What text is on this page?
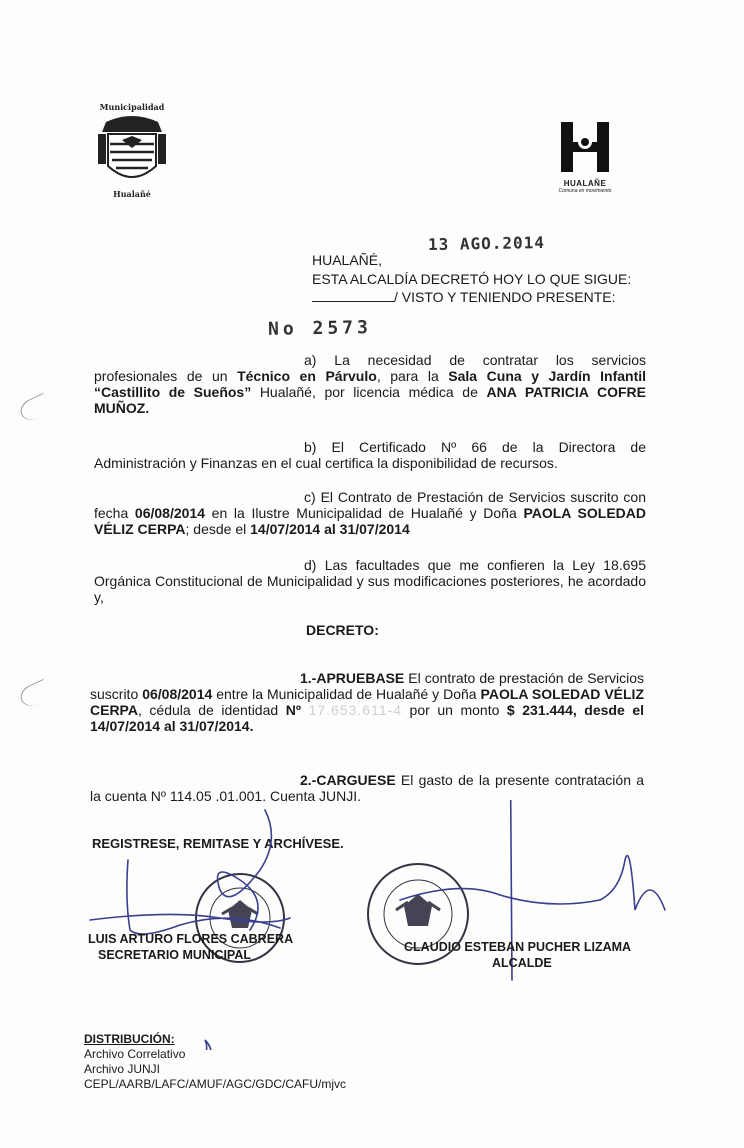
Municipalidad
Hualañé
HUALAÑE
Comuna en movimiento
13 AGO.2014
HUALAÑÉ,
ESTA ALCALDÍA DECRETÓ HOY LO QUE SIGUE:
/ VISTO Y TENIENDO PRESENTE:
No 2573
a) La necesidad de contratar los servicios profesionales de un Técnico en Párvulo, para la Sala Cuna y Jardín Infantil “Castillito de Sueños” Hualañé, por licencia médica de ANA PATRICIA COFRE MUÑOZ.
b) El Certificado Nº 66 de la Directora de Administración y Finanzas en el cual certifica la disponibilidad de recursos.
c) El Contrato de Prestación de Servicios suscrito con fecha 06/08/2014 en la Ilustre Municipalidad de Hualañé y Doña PAOLA SOLEDAD VÉLIZ CERPA; desde el 14/07/2014 al 31/07/2014
d) Las facultades que me confieren la Ley 18.695 Orgánica Constitucional de Municipalidad y sus modificaciones posteriores, he acordado y,
DECRETO:
1.-APRUEBASE El contrato de prestación de Servicios suscrito 06/08/2014 entre la Municipalidad de Hualañé y Doña PAOLA SOLEDAD VÉLIZ CERPA, cédula de identidad Nº 17.653.611-4 por un monto $ 231.444, desde el 14/07/2014 al 31/07/2014.
2.-CARGUESE El gasto de la presente contratación a la cuenta Nº 114.05 .01.001. Cuenta JUNJI.
REGISTRESE, REMITASE Y ARCHÍVESE.
LUIS ARTURO FLORES CABRERA
SECRETARIO MUNICIPAL
CLAUDIO ESTEBAN PUCHER LIZAMA
ALCALDE
DISTRIBUCIÓN:
Archivo Correlativo
Archivo JUNJI
CEPL/AARB/LAFC/AMUF/AGC/GDC/CAFU/mjvc
